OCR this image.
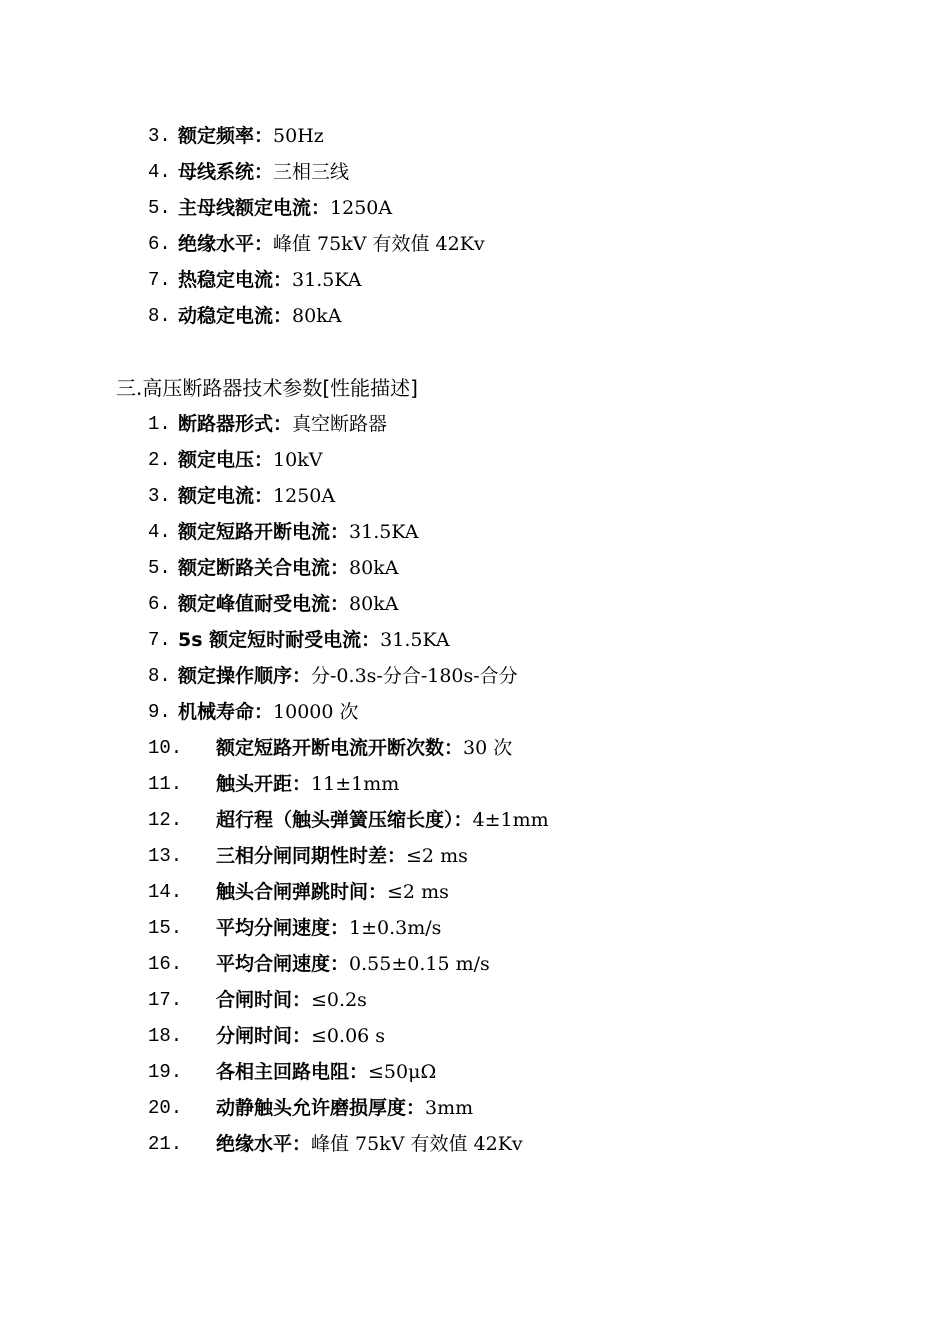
3. 额定频率：50Hz
4. 母线系统：三相三线
5. 主母线额定电流：1250A
6. 绝缘水平：峰值 75kV 有效值 42Kv
7. 热稳定电流：31.5KA
8. 动稳定电流：80kA
三.高压断路器技术参数[性能描述]
1. 断路器形式：真空断路器
2. 额定电压：10kV
3. 额定电流：1250A
4. 额定短路开断电流：31.5KA
5. 额定断路关合电流：80kA
6. 额定峰值耐受电流：80kA
7. 5s 额定短时耐受电流：31.5KA
8. 额定操作顺序：分-0.3s-分合-180s-合分
9. 机械寿命：10000 次
10. 额定短路开断电流开断次数：30 次
11. 触头开距：11±1mm
12. 超行程（触头弹簧压缩长度）：4±1mm
13. 三相分闸同期性时差：≤2 ms
14. 触头合闸弹跳时间：≤2 ms
15. 平均分闸速度：1±0.3m/s
16. 平均合闸速度：0.55±0.15 m/s
17. 合闸时间：≤0.2s
18. 分闸时间：≤0.06 s
19. 各相主回路电阻：≤50μΩ
20. 动静触头允许磨损厚度：3mm
21. 绝缘水平：峰值 75kV 有效值 42Kv
